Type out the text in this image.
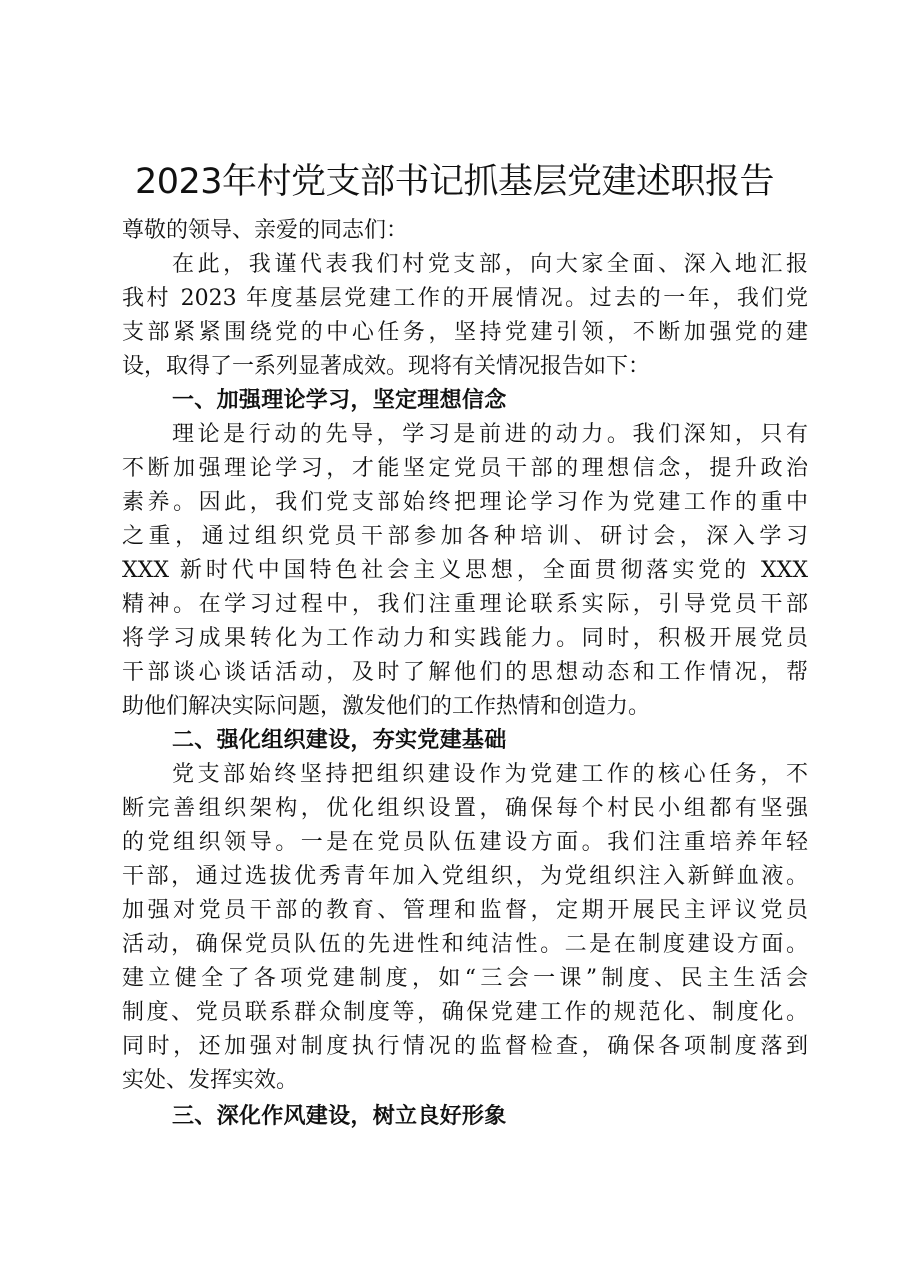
2023年村党支部书记抓基层党建述职报告
尊敬的领导、亲爱的同志们：
在此，我谨代表我们村党支部，向大家全面、深入地汇报
我村 2023 年度基层党建工作的开展情况。过去的一年，我们党
支部紧紧围绕党的中心任务，坚持党建引领，不断加强党的建
设，取得了一系列显著成效。现将有关情况报告如下：
一、加强理论学习，坚定理想信念
理论是行动的先导，学习是前进的动力。我们深知，只有
不断加强理论学习，才能坚定党员干部的理想信念，提升政治
素养。因此，我们党支部始终把理论学习作为党建工作的重中
之重，通过组织党员干部参加各种培训、研讨会，深入学习
XXX 新时代中国特色社会主义思想，全面贯彻落实党的 XXX
精神。在学习过程中，我们注重理论联系实际，引导党员干部
将学习成果转化为工作动力和实践能力。同时，积极开展党员
干部谈心谈话活动，及时了解他们的思想动态和工作情况，帮
助他们解决实际问题，激发他们的工作热情和创造力。
二、强化组织建设，夯实党建基础
党支部始终坚持把组织建设作为党建工作的核心任务，不
断完善组织架构，优化组织设置，确保每个村民小组都有坚强
的党组织领导。一是在党员队伍建设方面。我们注重培养年轻
干部，通过选拔优秀青年加入党组织，为党组织注入新鲜血液。
加强对党员干部的教育、管理和监督，定期开展民主评议党员
活动，确保党员队伍的先进性和纯洁性。二是在制度建设方面。
建立健全了各项党建制度，如“三会一课”制度、民主生活会
制度、党员联系群众制度等，确保党建工作的规范化、制度化。
同时，还加强对制度执行情况的监督检查，确保各项制度落到
实处、发挥实效。
三、深化作风建设，树立良好形象
